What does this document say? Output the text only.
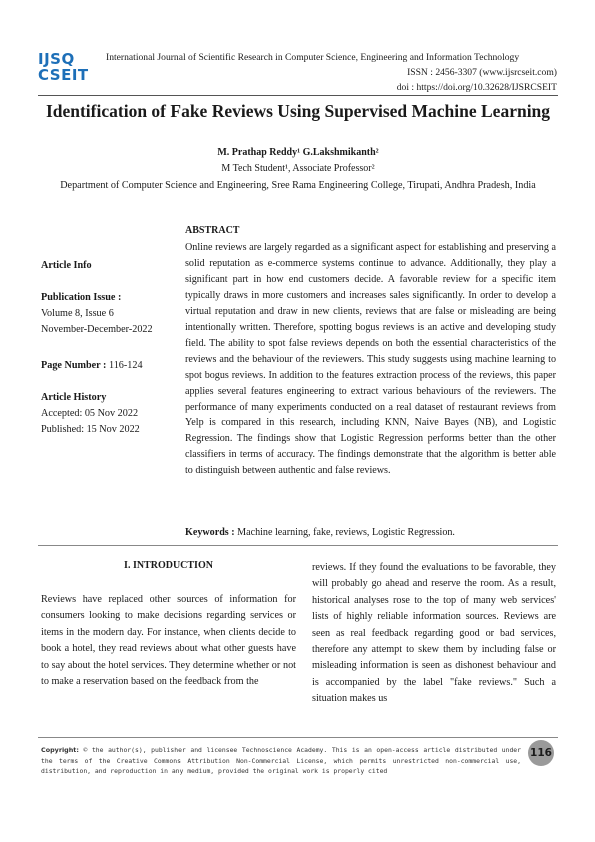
IJSQ
CSEIT
International Journal of Scientific Research in Computer Science, Engineering and Information Technology
ISSN : 2456-3307 (www.ijsrcseit.com)
doi : https://doi.org/10.32628/IJSRCSEIT
Identification of Fake Reviews Using Supervised Machine Learning
M. Prathap Reddy¹ G.Lakshmikanth²
M Tech Student¹, Associate Professor²
Department of Computer Science and Engineering, Sree Rama Engineering College, Tirupati, Andhra Pradesh, India
Article Info
Publication Issue :
Volume 8, Issue 6
November-December-2022
Page Number : 116-124
Article History
Accepted: 05 Nov 2022
Published: 15 Nov 2022
ABSTRACT
Online reviews are largely regarded as a significant aspect for establishing and preserving a solid reputation as e-commerce systems continue to advance. Additionally, they play a significant part in how end customers decide. A favorable review for a specific item typically draws in more customers and increases sales significantly. In order to develop a virtual reputation and draw in new clients, reviews that are false or misleading are being intentionally written. Therefore, spotting bogus reviews is an active and developing study field. The ability to spot false reviews depends on both the essential characteristics of the reviews and the behaviour of the reviewers. This study suggests using machine learning to spot bogus reviews. In addition to the features extraction process of the reviews, this paper applies several features engineering to extract various behaviours of the reviewers. The performance of many experiments conducted on a real dataset of restaurant reviews from Yelp is compared in this research, including KNN, Naive Bayes (NB), and Logistic Regression. The findings show that Logistic Regression performs better than the other classifiers in terms of accuracy. The findings demonstrate that the algorithm is better able to distinguish between authentic and false reviews.
Keywords : Machine learning, fake, reviews, Logistic Regression.
I. INTRODUCTION
Reviews have replaced other sources of information for consumers looking to make decisions regarding services or items in the modern day. For instance, when clients decide to book a hotel, they read reviews about what other guests have to say about the hotel services. They determine whether or not to make a reservation based on the feedback from the
reviews. If they found the evaluations to be favorable, they will probably go ahead and reserve the room. As a result, historical analyses rose to the top of many web services' lists of highly reliable information sources. Reviews are seen as real feedback regarding good or bad services, therefore any attempt to skew them by including false or misleading information is seen as dishonest behaviour and is accompanied by the label "fake reviews." Such a situation makes us
Copyright: © the author(s), publisher and licensee Technoscience Academy. This is an open-access article distributed under the terms of the Creative Commons Attribution Non-Commercial License, which permits unrestricted non-commercial use, distribution, and reproduction in any medium, provided the original work is properly cited
116
